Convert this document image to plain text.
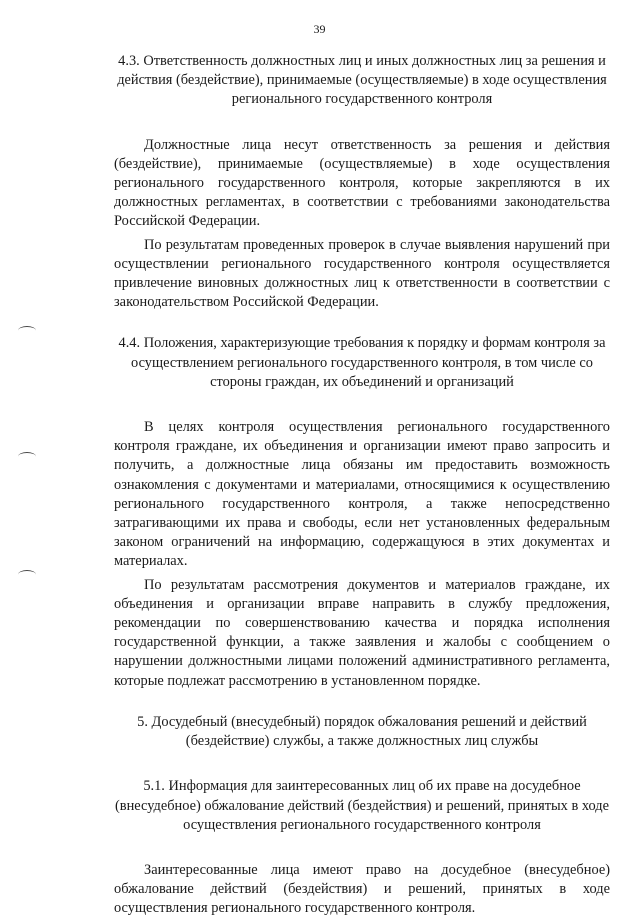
39

4.3. Ответственность должностных лиц и иных должностных лиц за решения и действия (бездействие), принимаемые (осуществляемые) в ходе осуществления регионального государственного контроля

Должностные лица несут ответственность за решения и действия (бездействие), принимаемые (осуществляемые) в ходе осуществления регионального государственного контроля, которые закрепляются в их должностных регламентах, в соответствии с требованиями законодательства Российской Федерации.

По результатам проведенных проверок в случае выявления нарушений при осуществлении регионального государственного контроля осуществляется привлечение виновных должностных лиц к ответственности в соответствии с законодательством Российской Федерации.

4.4. Положения, характеризующие требования к порядку и формам контроля за осуществлением регионального государственного контроля, в том числе со стороны граждан, их объединений и организаций

В целях контроля осуществления регионального государственного контроля граждане, их объединения и организации имеют право запросить и получить, а должностные лица обязаны им предоставить возможность ознакомления с документами и материалами, относящимися к осуществлению регионального государственного контроля, а также непосредственно затрагивающими их права и свободы, если нет установленных федеральным законом ограничений на информацию, содержащуюся в этих документах и материалах.

По результатам рассмотрения документов и материалов граждане, их объединения и организации вправе направить в службу предложения, рекомендации по совершенствованию качества и порядка исполнения государственной функции, а также заявления и жалобы с сообщением о нарушении должностными лицами положений административного регламента, которые подлежат рассмотрению в установленном порядке.

5. Досудебный (внесудебный) порядок обжалования решений и действий (бездействие) службы, а также должностных лиц службы

5.1. Информация для заинтересованных лиц об их праве на досудебное (внесудебное) обжалование действий (бездействия) и решений, принятых в ходе осуществления регионального государственного контроля

Заинтересованные лица имеют право на досудебное (внесудебное) обжалование действий (бездействия) и решений, принятых в ходе осуществления регионального государственного контроля.
